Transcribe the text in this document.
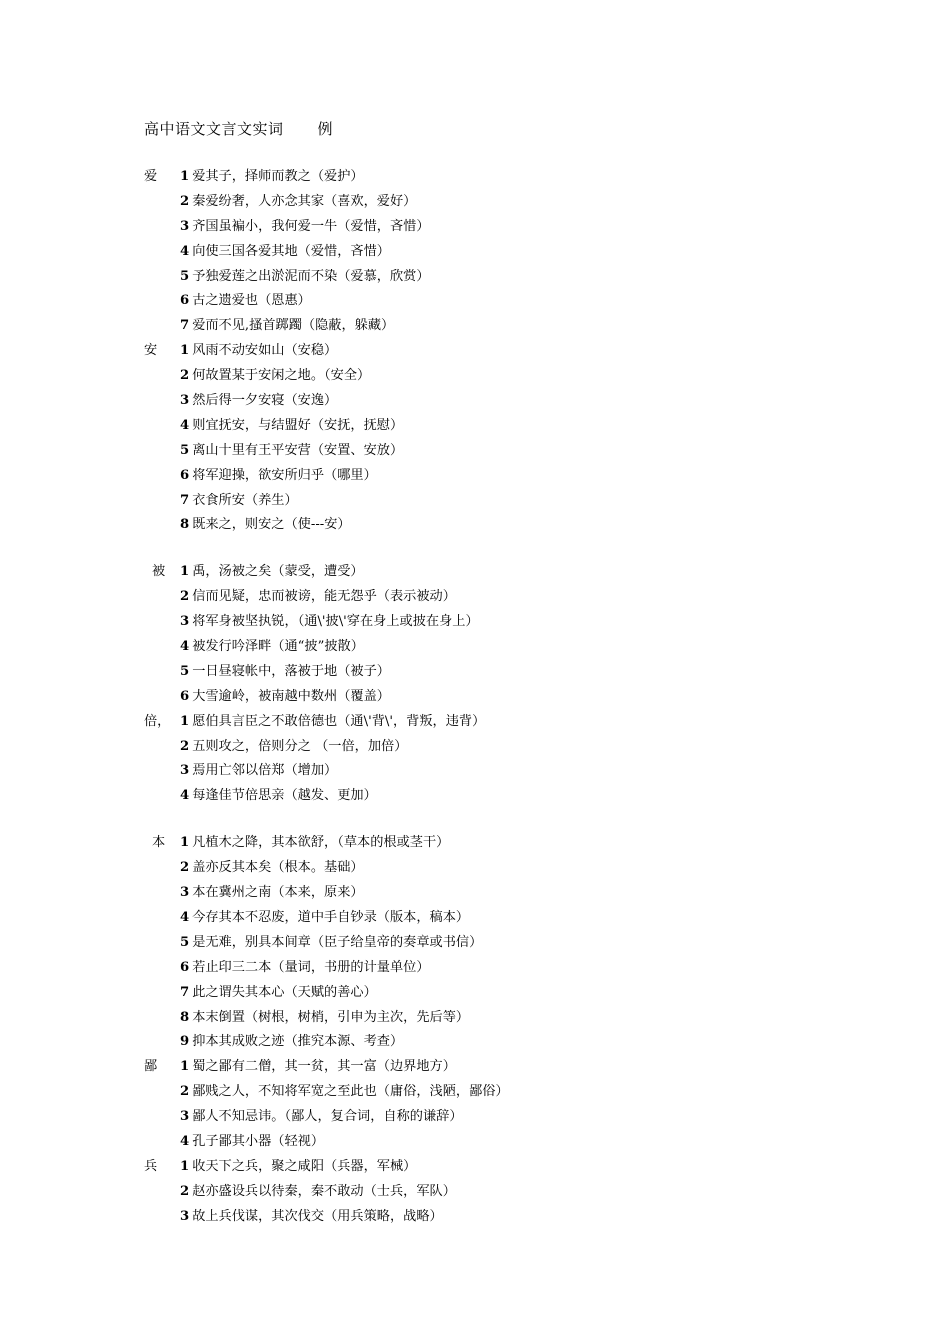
高中语文文言文实词 例
爱	1 爱其子，择师而教之（爱护）
2 秦爱纷奢，人亦念其家（喜欢，爱好）
3 齐国虽褊小，我何爱一牛（爱惜，吝惜）
4 向使三国各爱其地（爱惜，吝惜）
5 予独爱莲之出淤泥而不染（爱慕，欣赏）
6 古之遗爱也（恩惠）
7 爱而不见,搔首踯躅（隐蔽，躲藏）
安	1 风雨不动安如山（安稳）
2 何故置某于安闲之地。（安全）
3 然后得一夕安寝（安逸）
4 则宜抚安，与结盟好（安抚，抚慰）
5 离山十里有王平安营（安置、安放）
6 将军迎操，欲安所归乎（哪里）
7 衣食所安（养生）
8 既来之，则安之（使---安）
被	1 禹，汤被之矣（蒙受，遭受）
2 信而见疑，忠而被谤，能无怨乎（表示被动）
3 将军身被坚执锐，（通\'披\'穿在身上或披在身上）
4 被发行吟泽畔（通“披”披散）
5 一日昼寝帐中，落被于地（被子）
6 大雪逾岭，被南越中数州（覆盖）
倍， 1 愿伯具言臣之不敢倍德也（通\'背\'，背叛，违背）
2 五则攻之，倍则分之 （一倍，加倍）
3 焉用亡邻以倍郑（增加）
4 每逢佳节倍思亲（越发、更加）
本	1 凡植木之降，其本欲舒，（草本的根或茎干）
2 盖亦反其本矣（根本。基础）
3 本在冀州之南（本来，原来）
4 今存其本不忍废，道中手自钞录（版本，稿本）
5 是无难，别具本间章（臣子给皇帝的奏章或书信）
6 若止印三二本（量词，书册的计量单位）
7 此之谓失其本心（天赋的善心）
8 本末倒置（树根，树梢，引申为主次，先后等）
9 抑本其成败之迹（推究本源、考查）
鄙	1 蜀之鄙有二僧，其一贫，其一富（边界地方）
2 鄙贱之人，不知将军宽之至此也（庸俗，浅陋，鄙俗）
3 鄙人不知忌讳。（鄙人，复合词，自称的谦辞）
4 孔子鄙其小器（轻视）
兵	1 收天下之兵，聚之咸阳（兵器，军械）
2 赵亦盛设兵以待秦，秦不敢动（士兵，军队）
3 故上兵伐谋，其次伐交（用兵策略，战略）
